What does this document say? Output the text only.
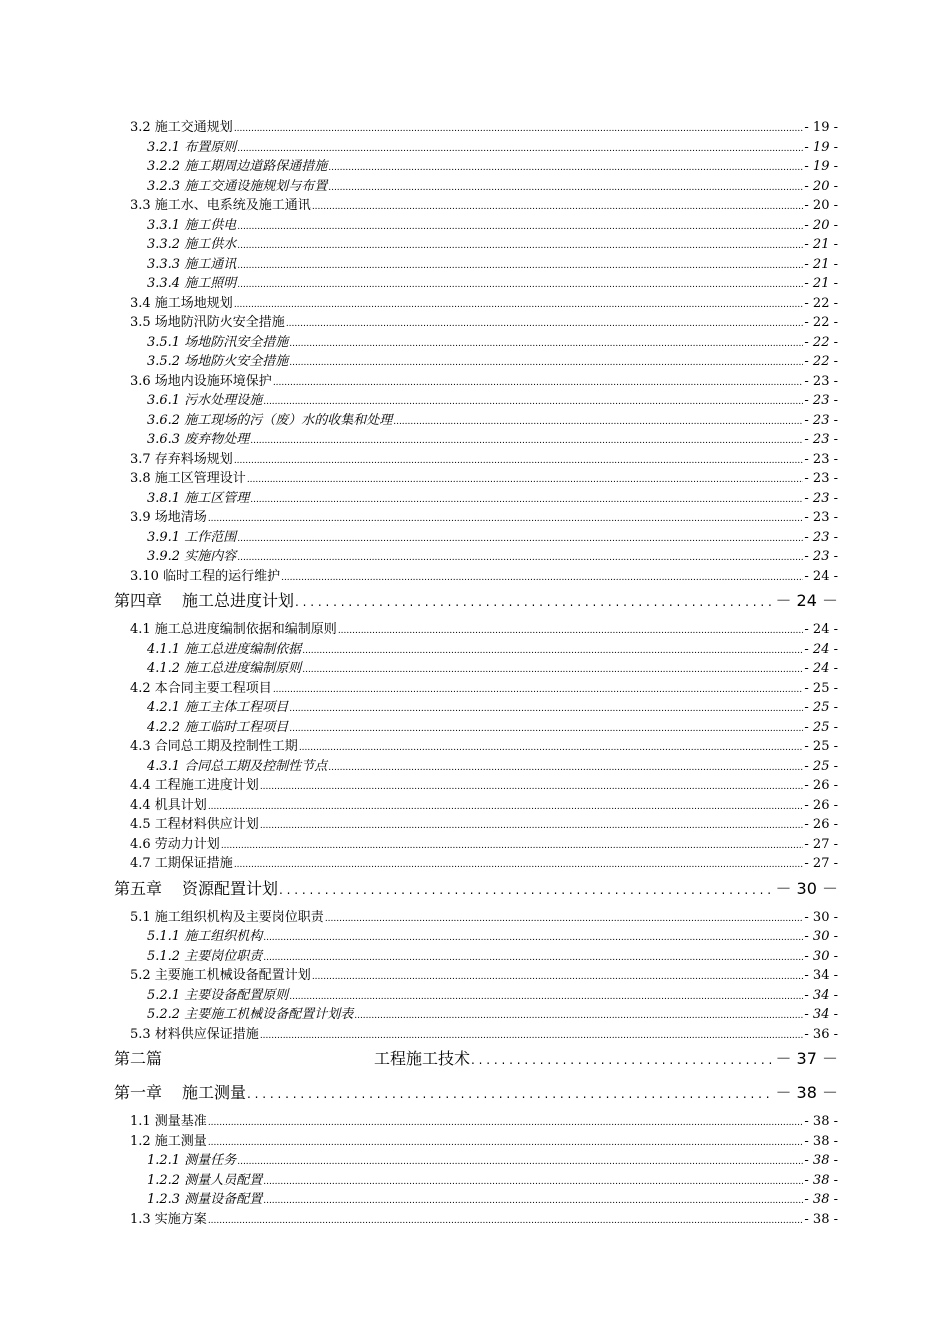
3.2 施工交通规划 .....	- 19 -
3.2.1 布置原则 .....	- 19 -
3.2.2 施工期周边道路保通措施 .....	- 19 -
3.2.3 施工交通设施规划与布置 .....	- 20 -
3.3 施工水、电系统及施工通讯 .....	- 20 -
3.3.1 施工供电 .....	- 20 -
3.3.2 施工供水 .....	- 21 -
3.3.3 施工通讯 .....	- 21 -
3.3.4 施工照明 .....	- 21 -
3.4 施工场地规划 .....	- 22 -
3.5 场地防汛防火安全措施 .....	- 22 -
3.5.1 场地防汛安全措施 .....	- 22 -
3.5.2 场地防火安全措施 .....	- 22 -
3.6 场地内设施环境保护 .....	- 23 -
3.6.1 污水处理设施 .....	- 23 -
3.6.2 施工现场的污（废）水的收集和处理 .....	- 23 -
3.6.3 废弃物处理 .....	- 23 -
3.7 存弃料场规划 .....	- 23 -
3.8 施工区管理设计 .....	- 23 -
3.8.1 施工区管理 .....	- 23 -
3.9 场地清场 .....	- 23 -
3.9.1 工作范围 .....	- 23 -
3.9.2 实施内容 .....	- 23 -
3.10 临时工程的运行维护 .....	- 24 -
第四章 施工总进度计划 . . .	－ 24 －
4.1 施工总进度编制依据和编制原则 .....	- 24 -
4.1.1 施工总进度编制依据 .....	- 24 -
4.1.2 施工总进度编制原则 .....	- 24 -
4.2 本合同主要工程项目 .....	- 25 -
4.2.1 施工主体工程项目 .....	- 25 -
4.2.2 施工临时工程项目 .....	- 25 -
4.3 合同总工期及控制性工期 .....	- 25 -
4.3.1 合同总工期及控制性节点 .....	- 25 -
4.4 工程施工进度计划 .....	- 26 -
4.4 机具计划 .....	- 26 -
4.5 工程材料供应计划 .....	- 26 -
4.6 劳动力计划 .....	- 27 -
4.7 工期保证措施 .....	- 27 -
第五章 资源配置计划 . . .	－ 30 －
5.1 施工组织机构及主要岗位职责 .....	- 30 -
5.1.1 施工组织机构 .....	- 30 -
5.1.2 主要岗位职责 .....	- 30 -
5.2 主要施工机械设备配置计划 .....	- 34 -
5.2.1 主要设备配置原则 .....	- 34 -
5.2.2 主要施工机械设备配置计划表 .....	- 34 -
5.3 材料供应保证措施 .....	- 36 -
第二篇	工程施工技术 . . .	－ 37 －
第一章 施工测量 . . .	－ 38 －
1.1 测量基准 .....	- 38 -
1.2 施工测量 .....	- 38 -
1.2.1 测量任务 .....	- 38 -
1.2.2 测量人员配置 .....	- 38 -
1.2.3 测量设备配置 .....	- 38 -
1.3 实施方案 .....	- 38 -
